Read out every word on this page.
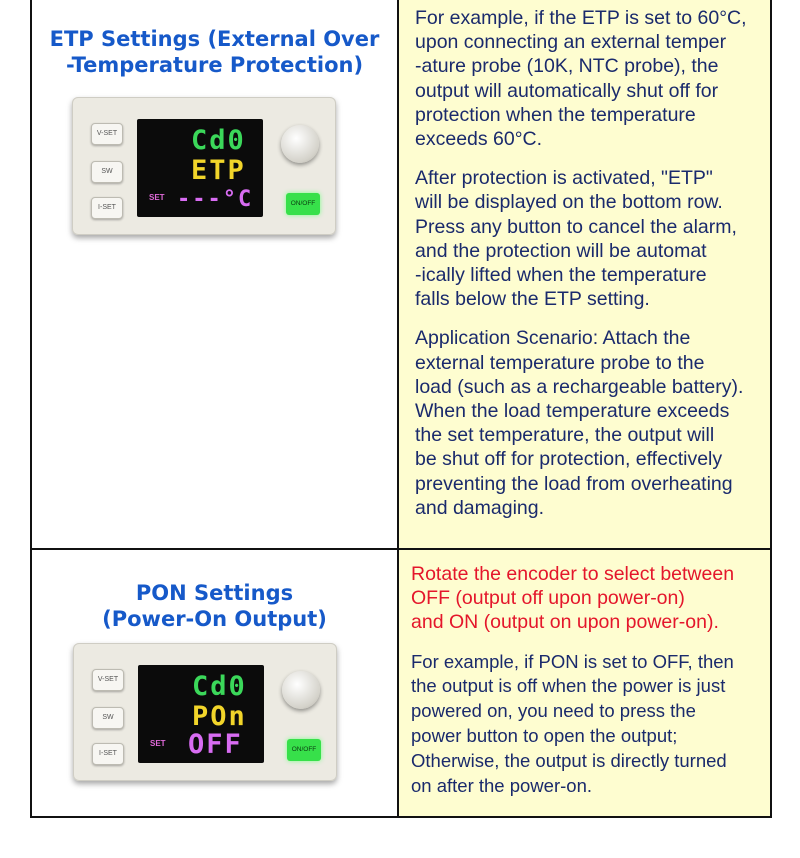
ETP Settings (External Over
-Temperature Protection)
V-SET
SW
I-SET
Cd0
ETP
SET ---°C	ON/OFF

For example, if the ETP is set to 60°C,
upon connecting an external temper
-ature probe (10K, NTC probe), the
output will automatically shut off for
protection when the temperature
exceeds 60°C.

After protection is activated, "ETP"
will be displayed on the bottom row.
Press any button to cancel the alarm,
and the protection will be automat
-ically lifted when the temperature
falls below the ETP setting.

Application Scenario: Attach the
external temperature probe to the
load (such as a rechargeable battery).
When the load temperature exceeds
the set temperature, the output will
be shut off for protection, effectively
preventing the load from overheating
and damaging.

PON Settings
(Power-On Output)
V-SET
SW
I-SET
Cd0
POn
SET OFF	ON/OFF

Rotate the encoder to select between
OFF (output off upon power-on)
and ON (output on upon power-on).

For example, if PON is set to OFF, then
the output is off when the power is just
powered on, you need to press the
power button to open the output;
Otherwise, the output is directly turned
on after the power-on.
